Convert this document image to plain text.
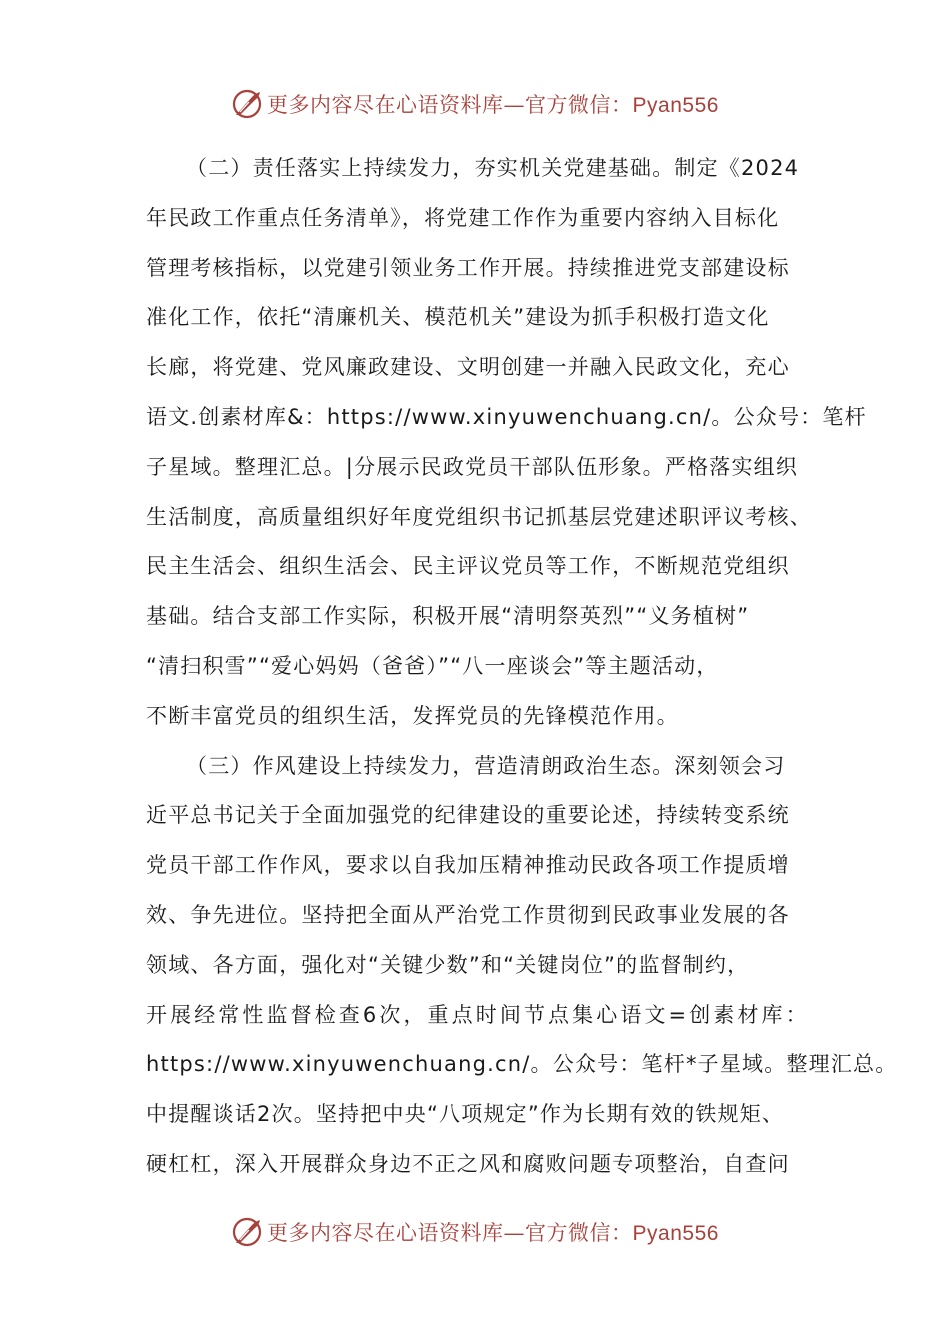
更多内容尽在心语资料库—官方微信：Pyan556
（二）责任落实上持续发力，夯实机关党建基础。制定《2024
年民政工作重点任务清单》，将党建工作作为重要内容纳入目标化
管理考核指标，以党建引领业务工作开展。持续推进党支部建设标
准化工作，依托“清廉机关、模范机关”建设为抓手积极打造文化
长廊，将党建、党风廉政建设、文明创建一并融入民政文化，充心
语文.创素材库&：https://www.xinyuwenchuang.cn/。公众号：笔杆
子星域。整理汇总。|分展示民政党员干部队伍形象。严格落实组织
生活制度，高质量组织好年度党组织书记抓基层党建述职评议考核、
民主生活会、组织生活会、民主评议党员等工作，不断规范党组织
基础。结合支部工作实际，积极开展“清明祭英烈”“义务植树”
“清扫积雪”“爱心妈妈（爸爸）”“八一座谈会”等主题活动，
不断丰富党员的组织生活，发挥党员的先锋模范作用。
（三）作风建设上持续发力，营造清朗政治生态。深刻领会习
近平总书记关于全面加强党的纪律建设的重要论述，持续转变系统
党员干部工作作风，要求以自我加压精神推动民政各项工作提质增
效、争先进位。坚持把全面从严治党工作贯彻到民政事业发展的各
领域、各方面，强化对“关键少数”和“关键岗位”的监督制约，
开展经常性监督检查6次，重点时间节点集心语文=创素材库：
https://www.xinyuwenchuang.cn/。公众号：笔杆*子星域。整理汇总。
中提醒谈话2次。坚持把中央“八项规定”作为长期有效的铁规矩、
硬杠杠，深入开展群众身边不正之风和腐败问题专项整治，自查问
更多内容尽在心语资料库—官方微信：Pyan556
